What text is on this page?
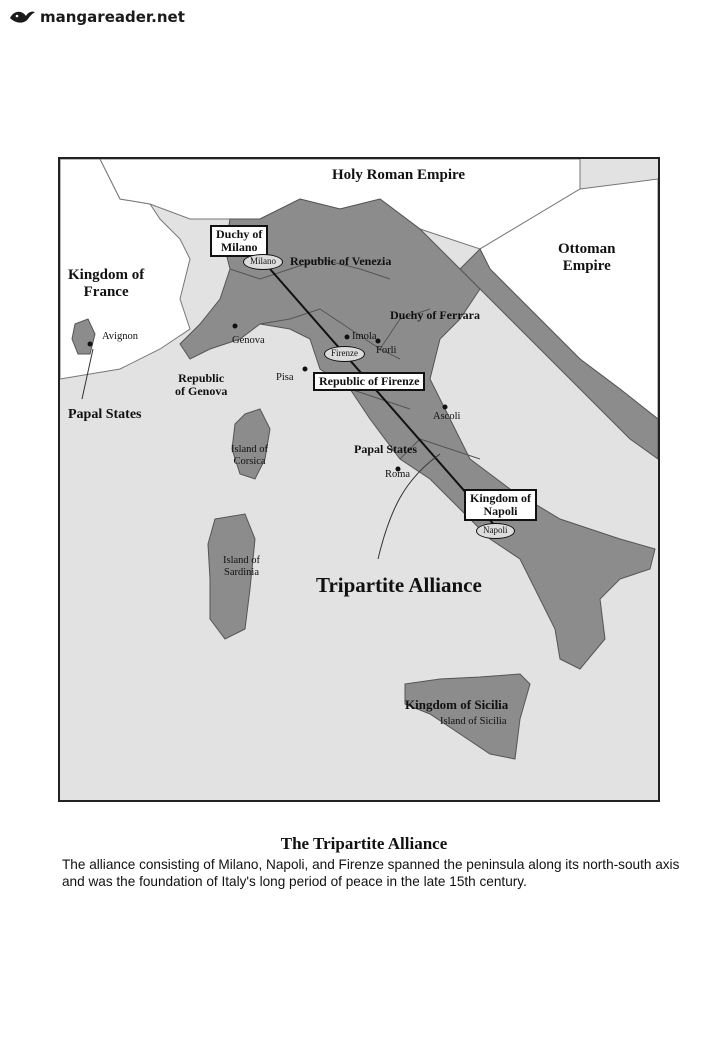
mangareader.net
Holy Roman Empire
Ottoman
Empire
Kingdom of
France
Duchy of
Milano
Milano	Republic of Venezia
Duchy of Ferrara
Avignon	Genova	Imola
Forli
Firenze
Pisa	Republic of Firenze
Republic
of Genova
Papal States	Ascoli
Island of
Corsica
Papal States
Roma
Kingdom of
Napoli
Napoli
Island of
Sardinia
Tripartite Alliance
Kingdom of Sicilia
Island of Sicilia
The Tripartite Alliance
The alliance consisting of Milano, Napoli, and Firenze spanned the peninsula along its north-south axis and was the foundation of Italy's long period of peace in the late 15th century.
